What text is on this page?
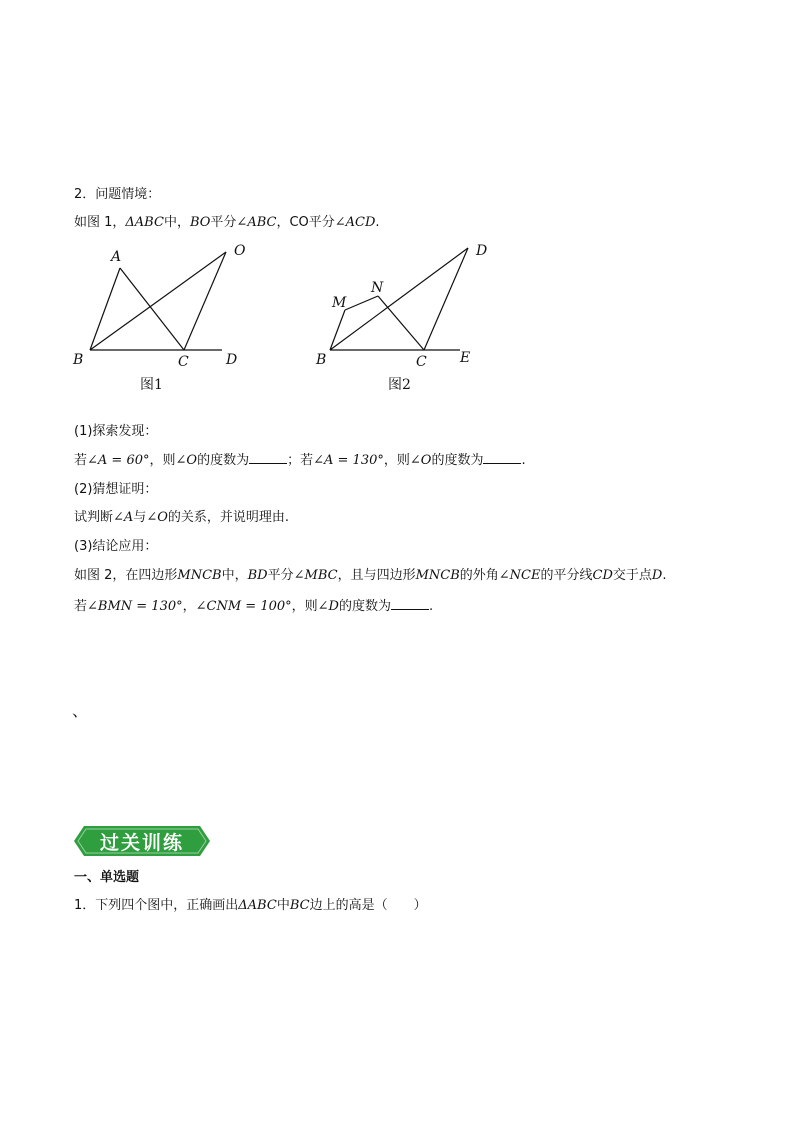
2．问题情境：
如图 1，ΔABC中，BO平分∠ABC，CO平分∠ACD.
A	O
B	C	D
图1
M
N
D
B	C E
图2
(1)探索发现：
若∠A = 60°，则∠O的度数为	；若∠A = 130°，则∠O的度数为	.
(2)猜想证明：
试判断∠A与∠O的关系，并说明理由.
(3)结论应用：
如图 2，在四边形MNCB中，BD平分∠MBC，且与四边形MNCB的外角∠NCE的平分线CD交于点D.
若∠BMN = 130°，∠CNM = 100°，则∠D的度数为	.
、
过关训练
一、单选题
1．下列四个图中，正确画出ΔABC中BC边上的高是（　　）
